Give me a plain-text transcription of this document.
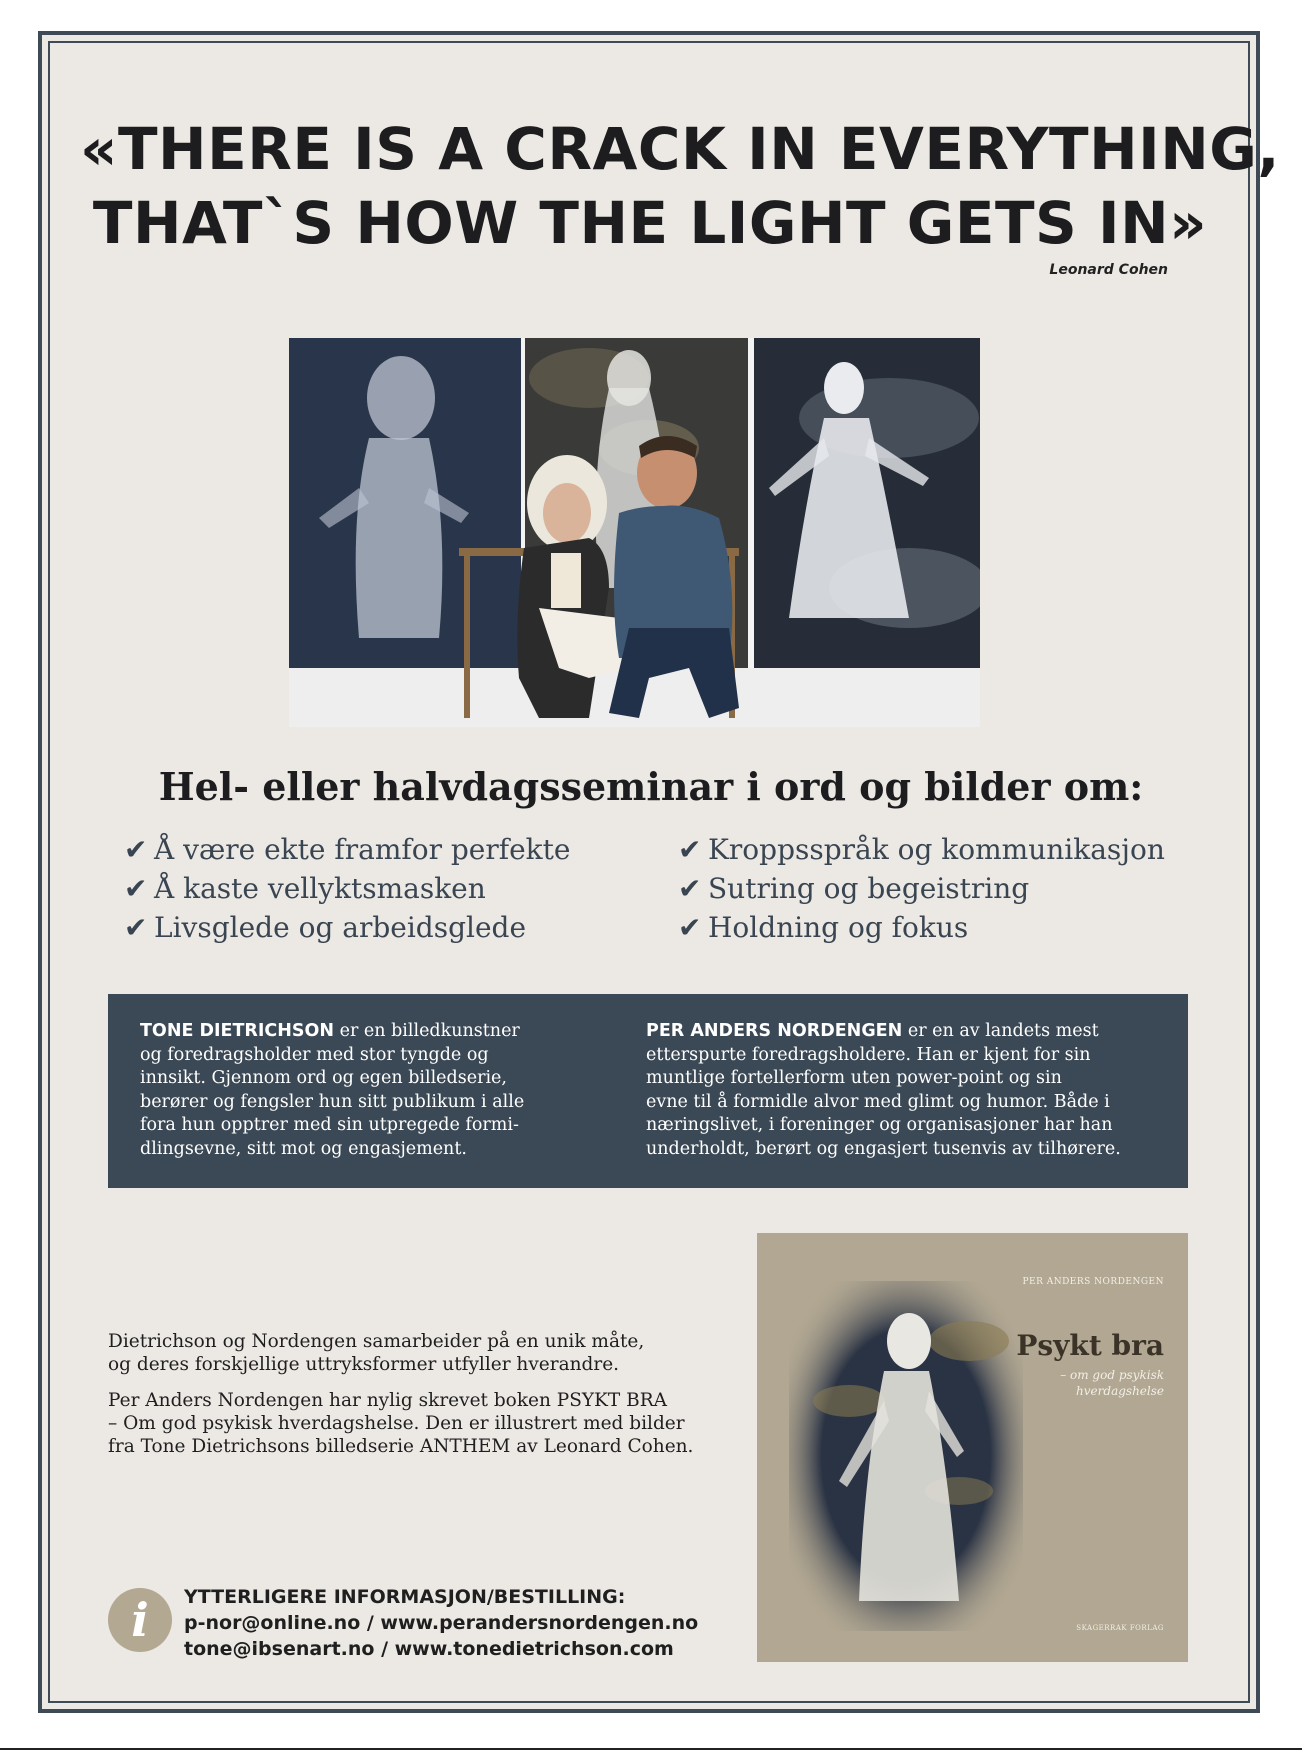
«THERE IS A CRACK IN EVERYTHING,
THAT`S HOW THE LIGHT GETS IN»
Leonard Cohen
Hel- eller halvdagsseminar i ord og bilder om:
✔ Å være ekte framfor perfekte
✔ Å kaste vellyktsmasken
✔ Livsglede og arbeidsglede
✔ Kroppsspråk og kommunikasjon
✔ Sutring og begeistring
✔ Holdning og fokus
TONE DIETRICHSON er en billedkunstner
og foredragsholder med stor tyngde og
innsikt. Gjennom ord og egen billedserie,
berører og fengsler hun sitt publikum i alle
fora hun opptrer med sin utpregede formi-
dlingsevne, sitt mot og engasjement.
PER ANDERS NORDENGEN er en av landets mest
etterspurte foredragsholdere. Han er kjent for sin
muntlige fortellerform uten power-point og sin
evne til å formidle alvor med glimt og humor. Både i
næringslivet, i foreninger og organisasjoner har han
underholdt, berørt og engasjert tusenvis av tilhørere.
Dietrichson og Nordengen samarbeider på en unik måte,
og deres forskjellige uttryksformer utfyller hverandre.
Per Anders Nordengen har nylig skrevet boken PSYKT BRA
– Om god psykisk hverdagshelse. Den er illustrert med bilder
fra Tone Dietrichsons billedserie ANTHEM av Leonard Cohen.
i	YTTERLIGERE INFORMASJON/BESTILLING:
p-nor@online.no / www.perandersnordengen.no
tone@ibsenart.no / www.tonedietrichson.com
PER ANDERS NORDENGEN
Psykt bra
– om god psykisk
hverdagshelse
SKAGERRAK FORLAG
